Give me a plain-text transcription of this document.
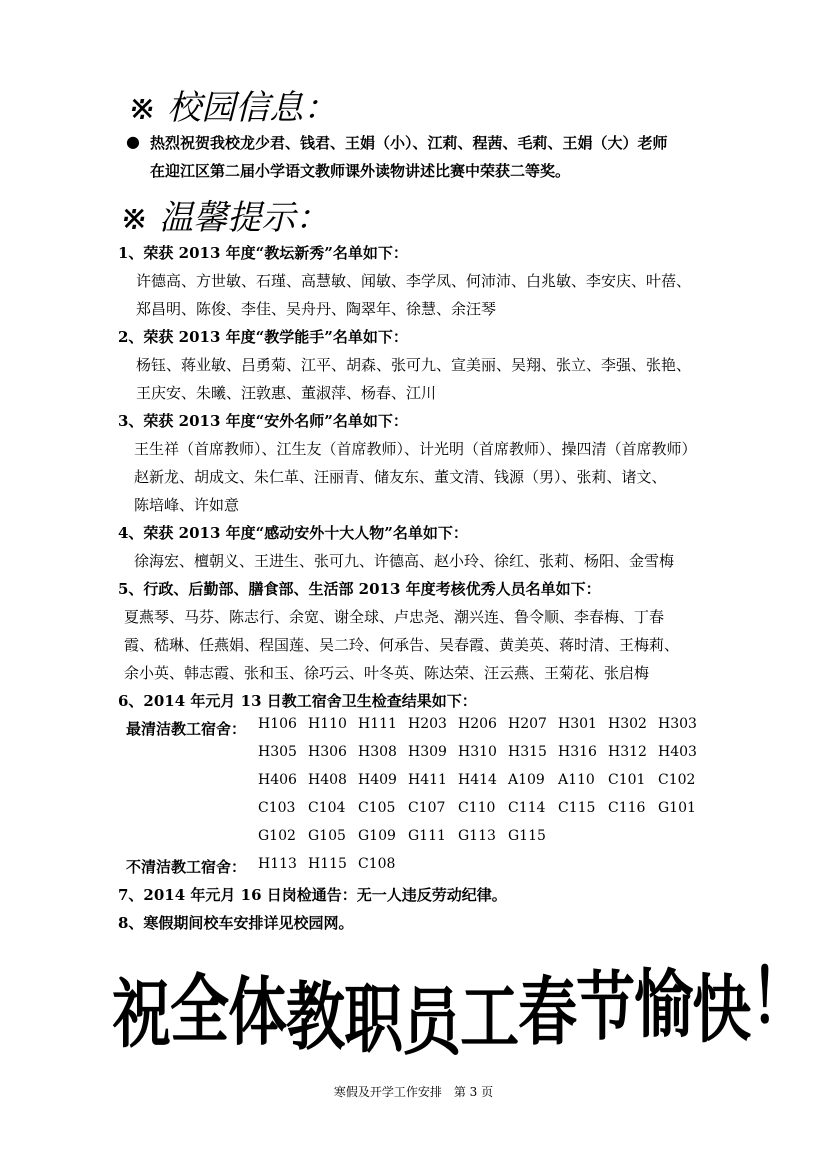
※ 校园信息：
● 热烈祝贺我校龙少君、钱君、王娟（小）、江莉、程茜、毛莉、王娟（大）老师
在迎江区第二届小学语文教师课外读物讲述比赛中荣获二等奖。
※ 温馨提示：
1、荣获 2013 年度“教坛新秀”名单如下：
许德高、方世敏、石瑾、高慧敏、闻敏、李学凤、何沛沛、白兆敏、李安庆、叶蓓、
郑昌明、陈俊、李佳、吴舟丹、陶翠年、徐慧、余汪琴
2、荣获 2013 年度“教学能手”名单如下：
杨钰、蒋业敏、吕勇菊、江平、胡森、张可九、宣美丽、吴翔、张立、李强、张艳、
王庆安、朱曦、汪敦惠、董淑萍、杨春、江川
3、荣获 2013 年度“安外名师”名单如下：
王生祥（首席教师）、江生友（首席教师）、计光明（首席教师）、操四清（首席教师）
赵新龙、胡成文、朱仁革、汪丽青、储友东、董文清、钱源（男）、张莉、诸文、
陈培峰、许如意
4、荣获 2013 年度“感动安外十大人物”名单如下：
徐海宏、檀朝义、王进生、张可九、许德高、赵小玲、徐红、张莉、杨阳、金雪梅
5、行政、后勤部、膳食部、生活部 2013 年度考核优秀人员名单如下：
夏燕琴、马芬、陈志行、余宽、谢全球、卢忠尧、潮兴连、鲁令顺、李春梅、丁春
霞、嵇琳、任燕娟、程国莲、吴二玲、何承告、吴春霞、黄美英、蒋时清、王梅莉、
余小英、韩志霞、张和玉、徐巧云、叶冬英、陈达荣、汪云燕、王菊花、张启梅
6、2014 年元月 13 日教工宿舍卫生检查结果如下：
最清洁教工宿舍： H106 H110 H111 H203 H206 H207 H301 H302 H303
H305 H306 H308 H309 H310 H315 H316 H312 H403
H406 H408 H409 H411 H414 A109 A110 C101 C102
C103 C104 C105 C107 C110 C114 C115 C116 G101
G102 G105 G109 G111 G113 G115
不清洁教工宿舍： H113 H115 C108
7、2014 年元月 16 日岗检通告：无一人违反劳动纪律。
8、寒假期间校车安排详见校园网。
祝全体教职员工春节愉快！
寒假及开学工作安排　第 3 页
